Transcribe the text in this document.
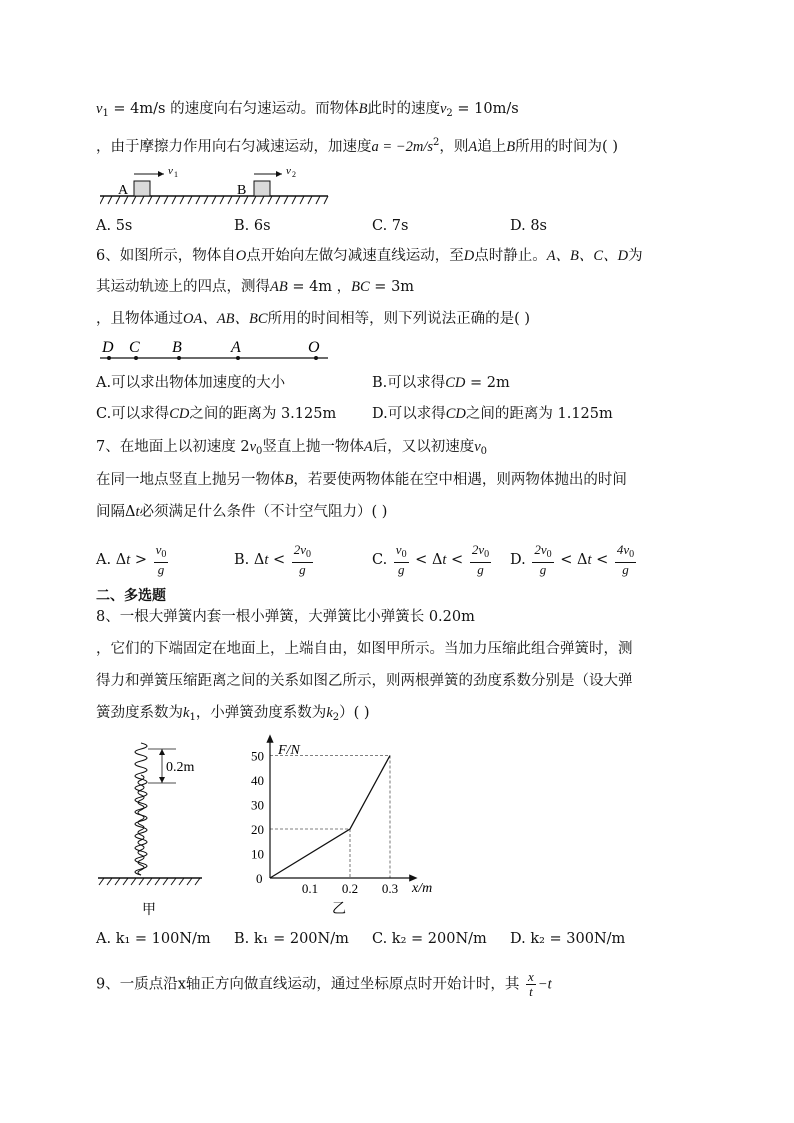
$v_1 = 4m/s$ 的速度向右匀速运动。而物体B此时的速度$v_2 = 10m/s$
，由于摩擦力作用向右匀减速运动，加速度$a = -2m/s^2$，则A追上B所用的时间为( )
A
v 1
B
v 2
A. 5s	B. 6s	C. 7s	D. 8s
6、如图所示，物体自O点开始向左做匀减速直线运动，至D点时静止。A、B、C、D为
其运动轨迹上的四点，测得AB = 4m ，BC = 3m
，且物体通过OA、AB、BC所用的时间相等，则下列说法正确的是( )
D C B	A	O
A.可以求出物体加速度的大小	B.可以求得CD = 2m
C.可以求得CD之间的距离为 3.125m D.可以求得CD之间的距离为 1.125m
7、在地面上以初速度 $2v_0$竖直上抛一物体A后，又以初速度$v_0$
在同一地点竖直上抛另一物体B，若要使两物体能在空中相遇，则两物体抛出的时间
间隔Δt必须满足什么条件（不计空气阻力）( )
A. $\Delta t > \frac{v_0}{g}$	B. $\Delta t < \frac{2v_0}{g}$	C. $\frac{v_0}{g} < \Delta t < \frac{2v_0}{g} D$. $\frac{2v_0}{g} < \Delta t < \frac{4v_0}{g}$
二、多选题
8、一根大弹簧内套一根小弹簧，大弹簧比小弹簧长 0.20m
，它们的下端固定在地面上，上端自由，如图甲所示。当加力压缩此组合弹簧时，测
得力和弹簧压缩距离之间的关系如图乙所示，则两根弹簧的劲度系数分别是（设大弹
簧劲度系数为$k_1$，小弹簧劲度系数为$k_2$）( )
0.2m
甲
10
20
30
40
50
0.1 0.2 0.3
F/N
x/m
0
乙
A. k₁ = 100N/m B. k₁ = 200N/m C. k₂ = 200N/m D. k₂ = 300N/m
9、一质点沿x轴正方向做直线运动，通过坐标原点时开始计时，其 $\frac{x}{t} -t$
